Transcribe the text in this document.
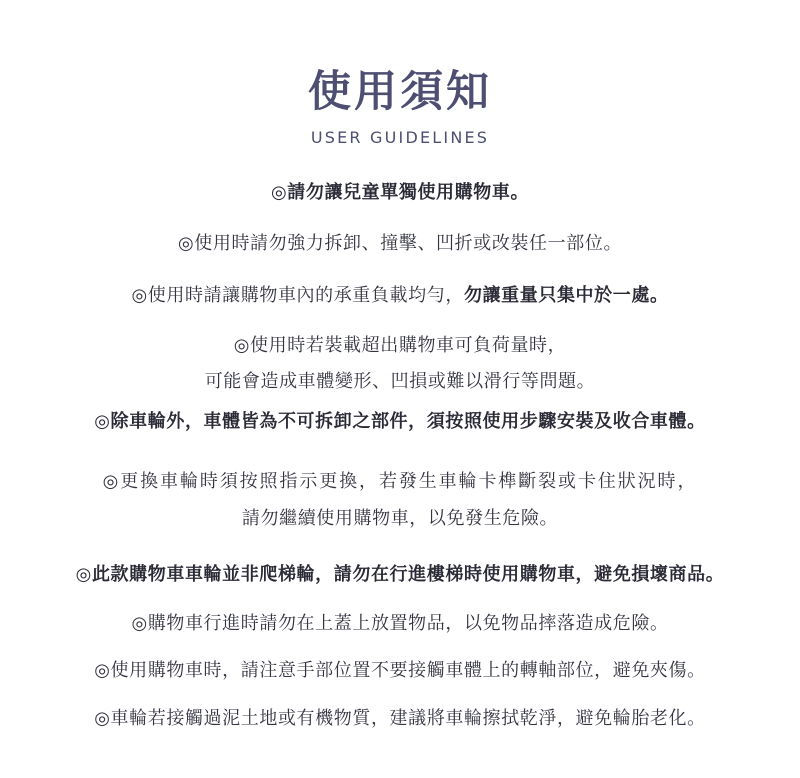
使用須知
USER GUIDELINES
◎請勿讓兒童單獨使用購物車。
◎使用時請勿強力拆卸、撞擊、凹折或改裝任一部位。
◎使用時請讓購物車內的承重負載均勻，勿讓重量只集中於一處。
◎使用時若裝載超出購物車可負荷量時，
可能會造成車體變形、凹損或難以滑行等問題。
◎除車輪外，車體皆為不可拆卸之部件，須按照使用步驟安裝及收合車體。
◎更換車輪時須按照指示更換，若發生車輪卡榫斷裂或卡住狀況時，
請勿繼續使用購物車，以免發生危險。
◎此款購物車車輪並非爬梯輪，請勿在行進樓梯時使用購物車，避免損壞商品。
◎購物車行進時請勿在上蓋上放置物品，以免物品摔落造成危險。
◎使用購物車時，請注意手部位置不要接觸車體上的轉軸部位，避免夾傷。
◎車輪若接觸過泥土地或有機物質，建議將車輪擦拭乾淨，避免輪胎老化。
